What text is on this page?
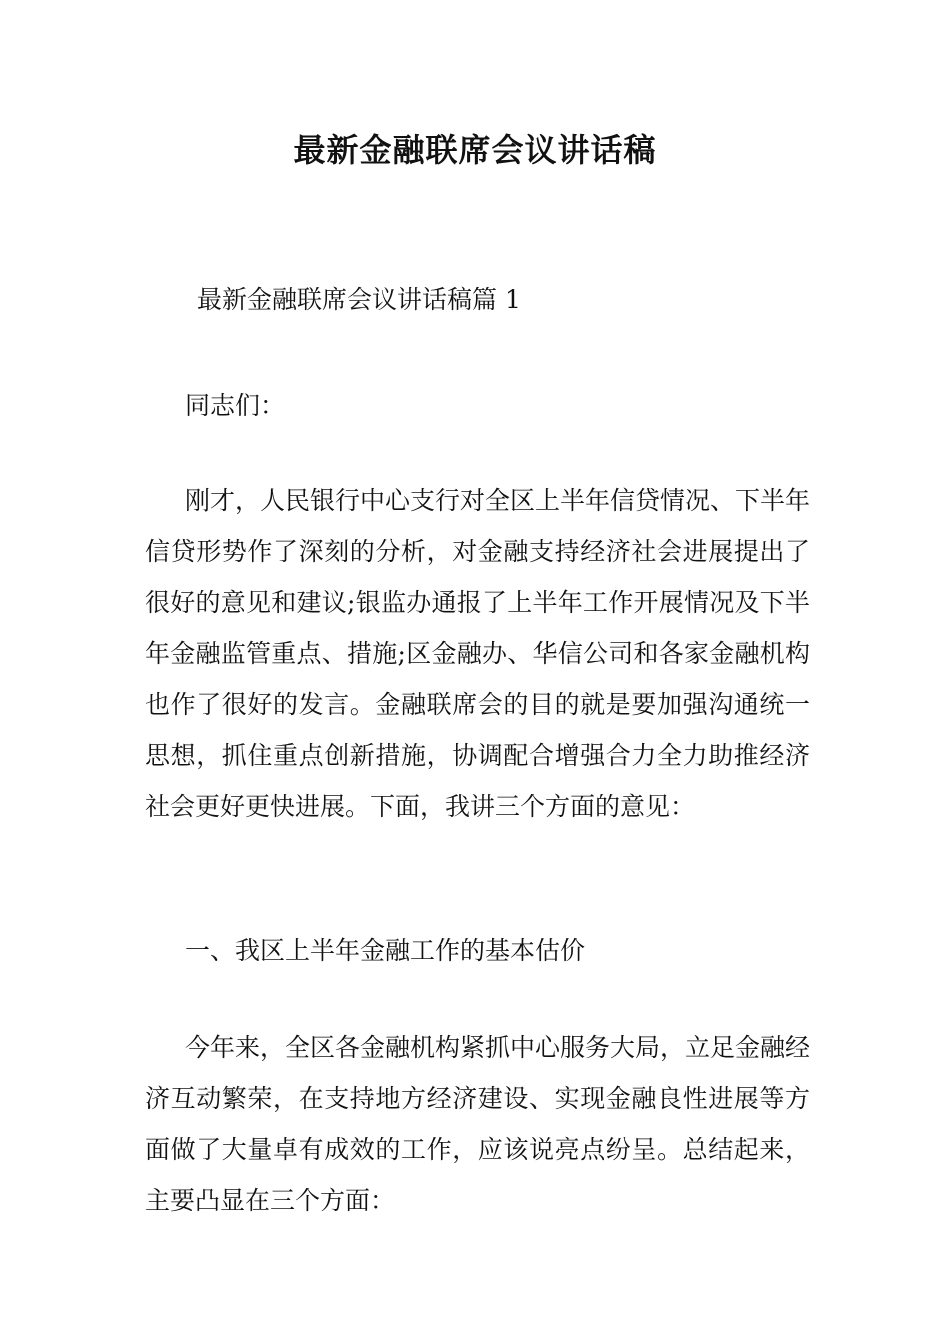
最新金融联席会议讲话稿

最新金融联席会议讲话稿篇 1

同志们：

刚才，人民银行中心支行对全区上半年信贷情况、下半年信贷形势作了深刻的分析，对金融支持经济社会进展提出了很好的意见和建议;银监办通报了上半年工作开展情况及下半年金融监管重点、措施;区金融办、华信公司和各家金融机构也作了很好的发言。金融联席会的目的就是要加强沟通统一思想，抓住重点创新措施，协调配合增强合力全力助推经济社会更好更快进展。下面，我讲三个方面的意见：

一、我区上半年金融工作的基本估价

今年来，全区各金融机构紧抓中心服务大局，立足金融经济互动繁荣，在支持地方经济建设、实现金融良性进展等方面做了大量卓有成效的工作，应该说亮点纷呈。总结起来，主要凸显在三个方面：
